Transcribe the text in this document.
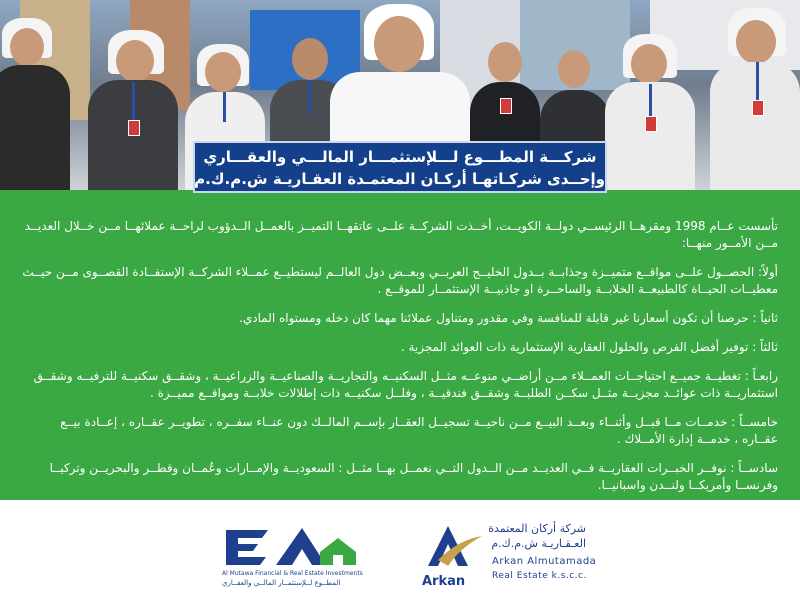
شركـــة المطـــوع لـــلإستثمـــار المالـــي والعقـــاري
وإحــدى شركـاتهـا أركـان المعتمـدة العقـاريـة ش.م.ك.م

تأسست عــام 1998 ومقرهــا الرئيســي دولــة الكويــت، أخــذت الشركــة علــى عاتقهــا التميــز بالعمــل الــدؤوب لراحــة عملائهــا مــن خــلال العديــد مــن الأمــور منهــا:

أولاً: الحصــول علــى مواقــع متميــزة وجذابــة بــدول الخليــج العربــي وبعــض دول العالــم ليستطيــع عمــلاء الشركــة الإستفــادة القصــوى مــن حيــث معطيــات الحيــاة كالطبيعــة الخلابــة والساحــرة او جاذبيــة الإستثمــار للموقــع .

ثانياً : حرصنا أن تكون أسعارنا غير قابلة للمنافسة وفي مقدور ومتناول عملائنا مهما كان دخله ومستواه المادي.

ثالثاً : توفير أفضل الفرص والحلول العقارية الإستثمارية ذات العوائد المجزية .

رابعـاً : تغطيــة جميــع احتياجــات العمــلاء مــن أراضــي منوعــه مثــل السكنيــه والتجاريــة والصناعيــة والزراعيــة ، وشقــق سكنيــة للترفيــه وشقــق استثماريــة ذات عوائــد مجزيــة مثــل سكــن الطلبــة وشقــق فندقيــة ، وفلــل سكنيــه ذات إطلالات خلابــة ومواقــع مميــزة .

خامســاً : خدمــات مــا قبــل وأثنــاء وبعــد البيــع مــن ناحيــة تسجيــل العقــار بإســم المالــك دون عنــاء سفــره ، تطويــر عقــاره ، إعــادة بيــع عقــاره ، خدمــة إدارة الأمــلاك .

سادســاً : نوفــر الخبــرات العقاريــة فــي العديــد مــن الــدول التــي نعمــل بهــا مثــل : السعوديــة والإمــارات وعُمــان وقطــر والبحريــن وتركيــا وفرنســا وأمريكــا ولنــدن واسبانيــا.

Al Mutawa Financial & Real Estate Investments
المطــوع لــلإستثمــار المالــي والعقــاري	Arkan
شركة أركان المعتمدة
العـقـاريـة ش.م.ك.م
Arkan Almutamada
Real Estate k.s.c.c.
